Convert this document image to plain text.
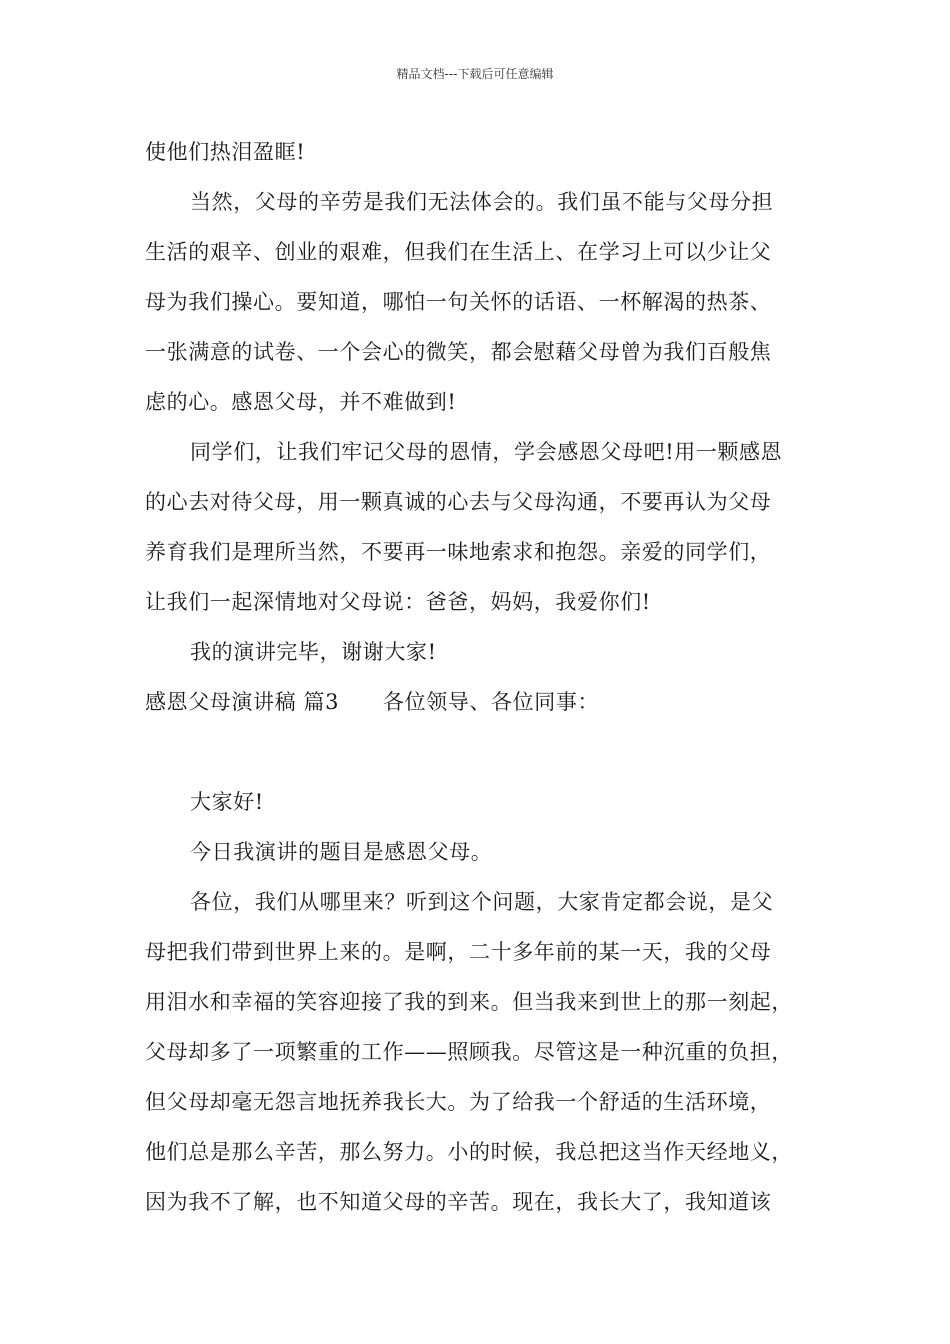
精品文档---下载后可任意编辑
使他们热泪盈眶!
当然，父母的辛劳是我们无法体会的。我们虽不能与父母分担
生活的艰辛、创业的艰难，但我们在生活上、在学习上可以少让父
母为我们操心。要知道，哪怕一句关怀的话语、一杯解渴的热茶、
一张满意的试卷、一个会心的微笑，都会慰藉父母曾为我们百般焦
虑的心。感恩父母，并不难做到!
同学们，让我们牢记父母的恩情，学会感恩父母吧!用一颗感恩
的心去对待父母，用一颗真诚的心去与父母沟通，不要再认为父母
养育我们是理所当然，不要再一味地索求和抱怨。亲爱的同学们，
让我们一起深情地对父母说：爸爸，妈妈，我爱你们!
我的演讲完毕，谢谢大家!
感恩父母演讲稿 篇3 各位领导、各位同事：
大家好!
今日我演讲的题目是感恩父母。
各位，我们从哪里来？听到这个问题，大家肯定都会说，是父
母把我们带到世界上来的。是啊，二十多年前的某一天，我的父母
用泪水和幸福的笑容迎接了我的到来。但当我来到世上的那一刻起，
父母却多了一项繁重的工作——照顾我。尽管这是一种沉重的负担，
但父母却毫无怨言地抚养我长大。为了给我一个舒适的生活环境，
他们总是那么辛苦，那么努力。小的时候，我总把这当作天经地义，
因为我不了解，也不知道父母的辛苦。现在，我长大了，我知道该
